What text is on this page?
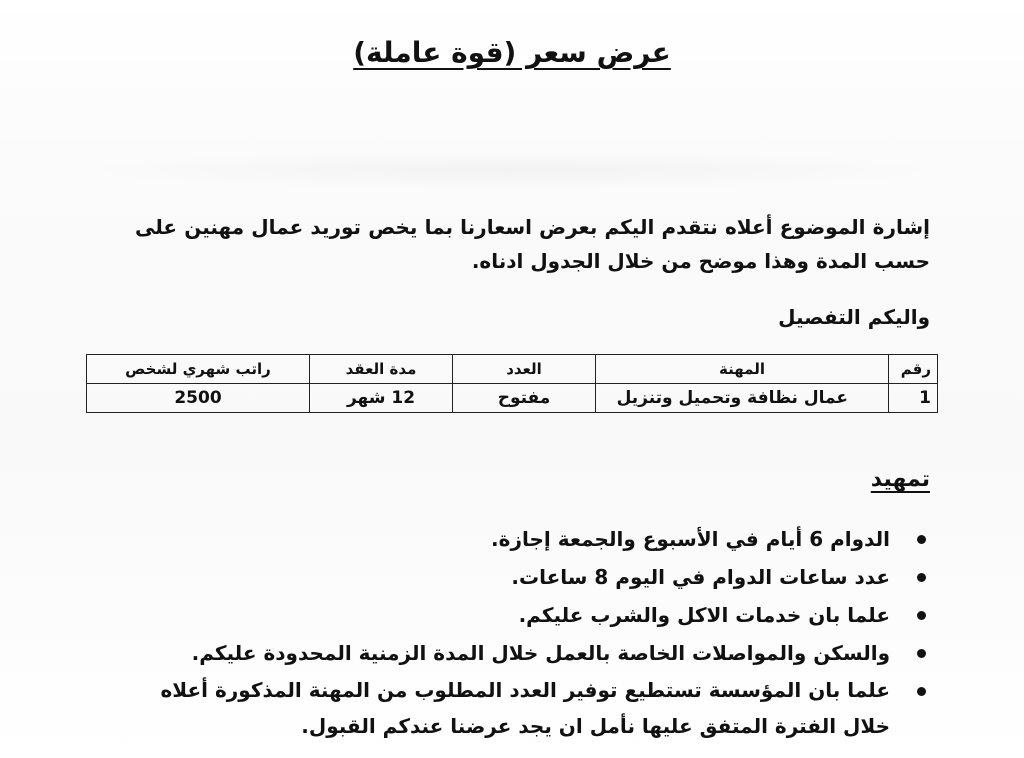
عرض سعر (قوة عاملة)
إشارة الموضوع أعلاه نتقدم اليكم بعرض اسعارنا بما يخص توريد عمال مهنين على حسب المدة وهذا موضح من خلال الجدول ادناه.
واليكم التفصيل
رقم	المهنة	العدد	مدة العقد	راتب شهري لشخص
1	عمال نظافة وتحميل وتنزيل	مفتوح	12 شهر	2500
تمهيد
الدوام 6 أيام في الأسبوع والجمعة إجازة.
عدد ساعات الدوام في اليوم 8 ساعات.
علما بان خدمات الاكل والشرب عليكم.
والسكن والمواصلات الخاصة بالعمل خلال المدة الزمنية المحدودة عليكم.
علما بان المؤسسة تستطيع توفير العدد المطلوب من المهنة المذكورة أعلاه خلال الفترة المتفق عليها نأمل ان يجد عرضنا عندكم القبول.
